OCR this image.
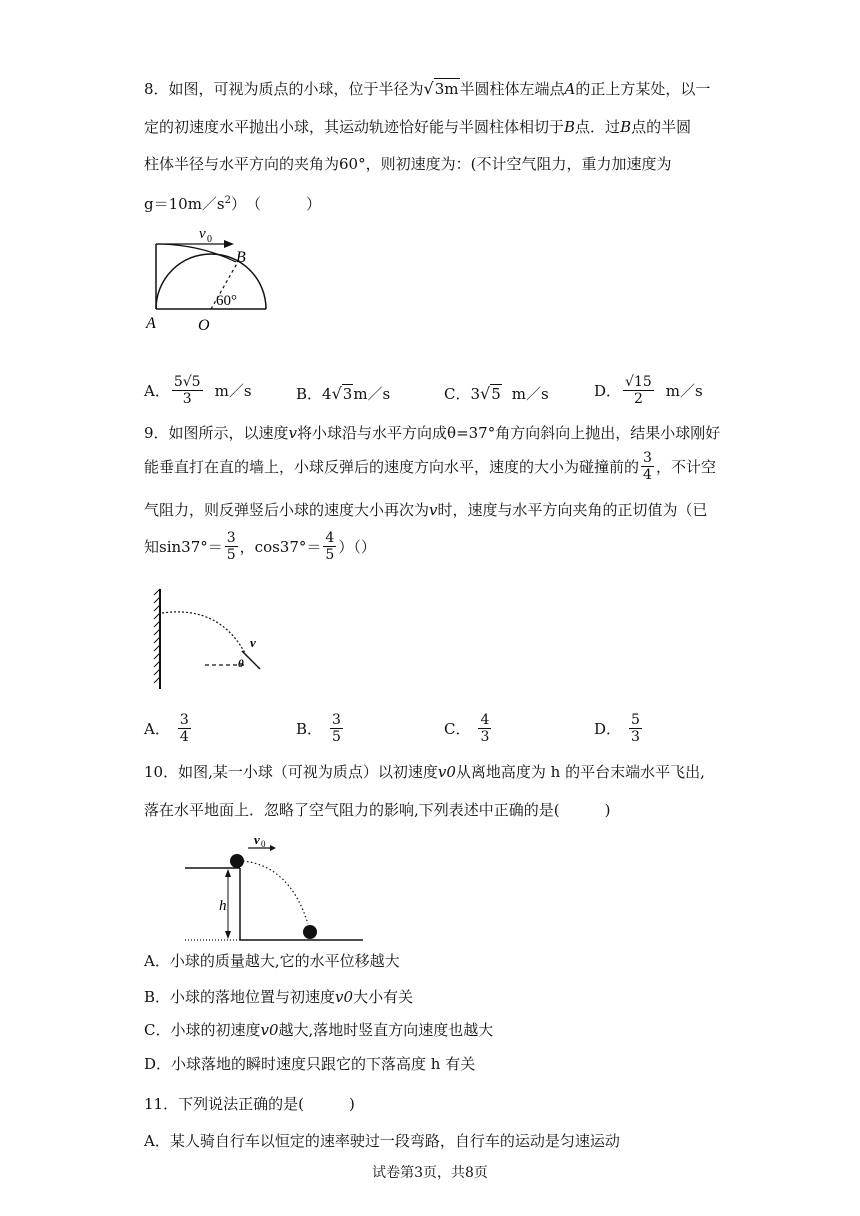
8．如图，可视为质点的小球，位于半径为√3m半圆柱体左端点A的正上方某处，以一
定的初速度水平抛出小球，其运动轨迹恰好能与半圆柱体相切于B点．过B点的半圆
柱体半径与水平方向的夹角为60°，则初速度为：(不计空气阻力，重力加速度为
$g=10m/s^2$）　（　　　）
v 0
B
60°
A	O
A． $\frac{5√5}{3}$ m／s	B．4√3m／s	C．3√5 m／s	D． $\frac{√15}{2}$ m／s
9．如图所示，以速度v将小球沿与水平方向成θ=37°角方向斜向上抛出，结果小球刚好
能垂直打在直的墙上，小球反弹后的速度方向水平，速度的大小为碰撞前的 $\frac{3}{4}$ ，不计空
气阻力，则反弹竖后小球的速度大小再次为v时，速度与水平方向夹角的正切值为（已
知$\sin 37^\circ= \frac{3}{5}$ ，$\cos 37^\circ= \frac{4}{5}$ ）（）
v
θ
A． $\frac{3}{4}$	B． $\frac{3}{5}$	C． $\frac{4}{3}$	D． $\frac{5}{3}$
10．如图,某一小球（可视为质点）以初速度v0从离地高度为 h 的平台末端水平飞出,
落在水平地面上．忽略了空气阻力的影响,下列表述中正确的是(　　　)
h
v 0
A．小球的质量越大,它的水平位移越大
B．小球的落地位置与初速度v0大小有关
C．小球的初速度v0越大,落地时竖直方向速度也越大
D．小球落地的瞬时速度只跟它的下落高度 h 有关
11．下列说法正确的是(　　　)
A．某人骑自行车以恒定的速率驶过一段弯路，自行车的运动是匀速运动
试卷第3页，共8页
